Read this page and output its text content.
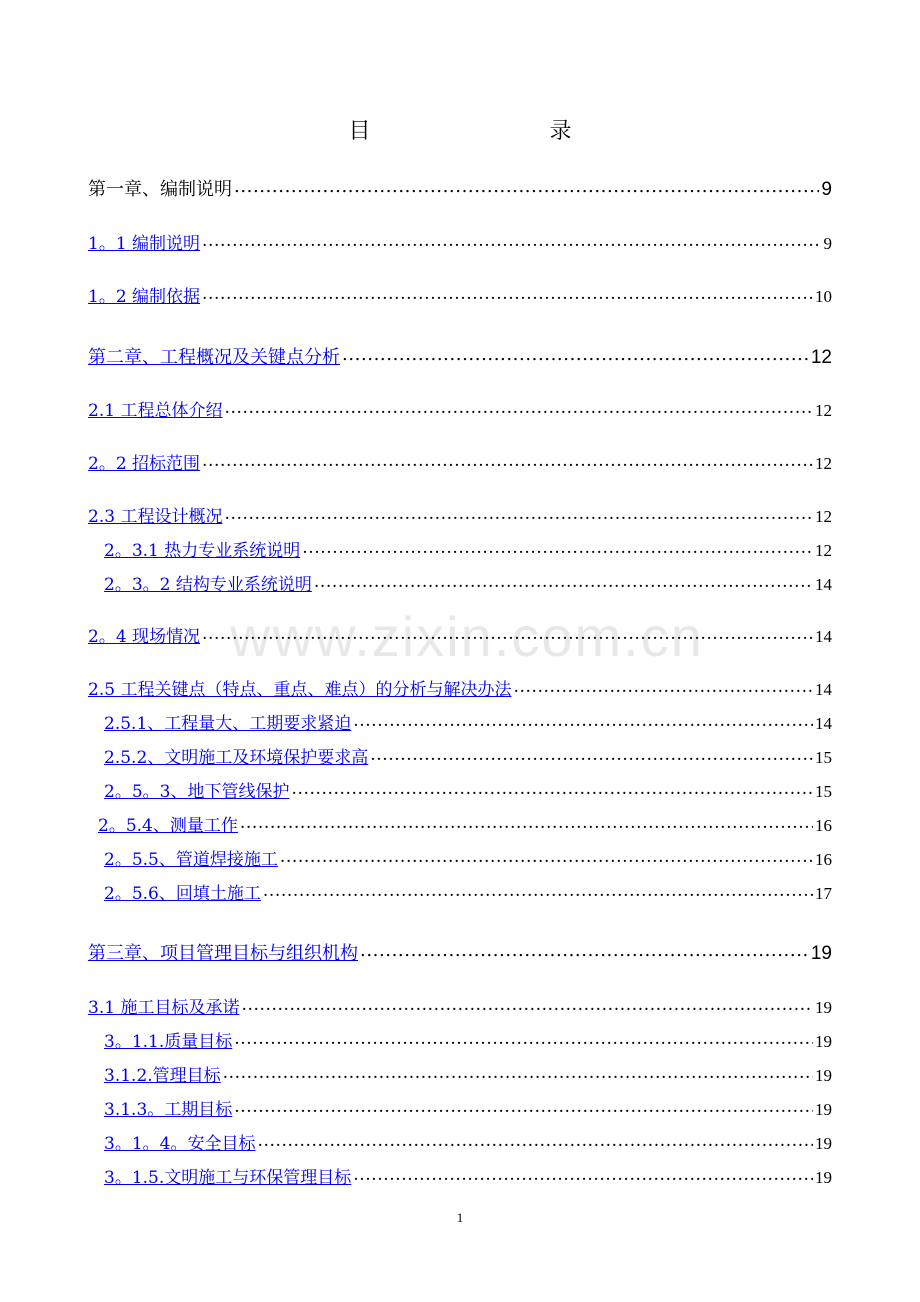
目 录
www.zixin.com.cn
第一章、编制说明 .....	9
1。1 编制说明 .....	9
1。2 编制依据 .....	10
第二章、工程概况及关键点分析 .....	12
2.1 工程总体介绍 .....	12
2。2 招标范围 .....	12
2.3 工程设计概况 .....	12
2。3.1 热力专业系统说明 .....	12
2。3。2 结构专业系统说明 .....	14
2。4 现场情况 .....	14
2.5 工程关键点（特点、重点、难点）的分析与解决办法 .....	14
2.5.1、工程量大、工期要求紧迫 .....	14
2.5.2、文明施工及环境保护要求高 .....	15
2。5。3、地下管线保护 .....	15
2。5.4、测量工作 .....	16
2。5.5、管道焊接施工 .....	16
2。5.6、回填土施工 .....	17
第三章、项目管理目标与组织机构 .....	19
3.1 施工目标及承诺 .....	19
3。1.1.质量目标 .....	19
3.1.2.管理目标 .....	19
3.1.3。工期目标 .....	19
3。1。4。安全目标 .....	19
3。1.5.文明施工与环保管理目标 .....	19
1
